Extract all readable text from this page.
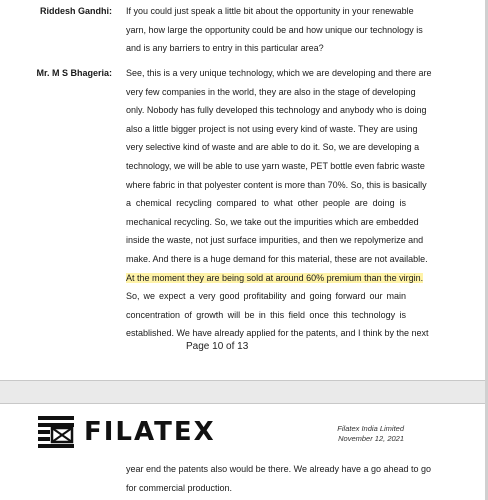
Riddesh Gandhi: If you could just speak a little bit about the opportunity in your renewable
yarn, how large the opportunity could be and how unique our technology is
and is any barriers to entry in this particular area?
Mr. M S Bhageria: See, this is a very unique technology, which we are developing and there are
very few companies in the world, they are also in the stage of developing
only. Nobody has fully developed this technology and anybody who is doing
also a little bigger project is not using every kind of waste. They are using
very selective kind of waste and are able to do it. So, we are developing a
technology, we will be able to use yarn waste, PET bottle even fabric waste
where fabric in that polyester content is more than 70%. So, this is basically
a chemical recycling compared to what other people are doing is
mechanical recycling. So, we take out the impurities which are embedded
inside the waste, not just surface impurities, and then we repolymerize and
make. And there is a huge demand for this material, these are not available.
At the moment they are being sold at around 60% premium than the virgin.
So, we expect a very good profitability and going forward our main
concentration of growth will be in this field once this technology is
established. We have already applied for the patents, and I think by the next
Page 10 of 13
FILATEX	Filatex India Limited
November 12, 2021
year end the patents also would be there. We already have a go ahead to go
for commercial production.
